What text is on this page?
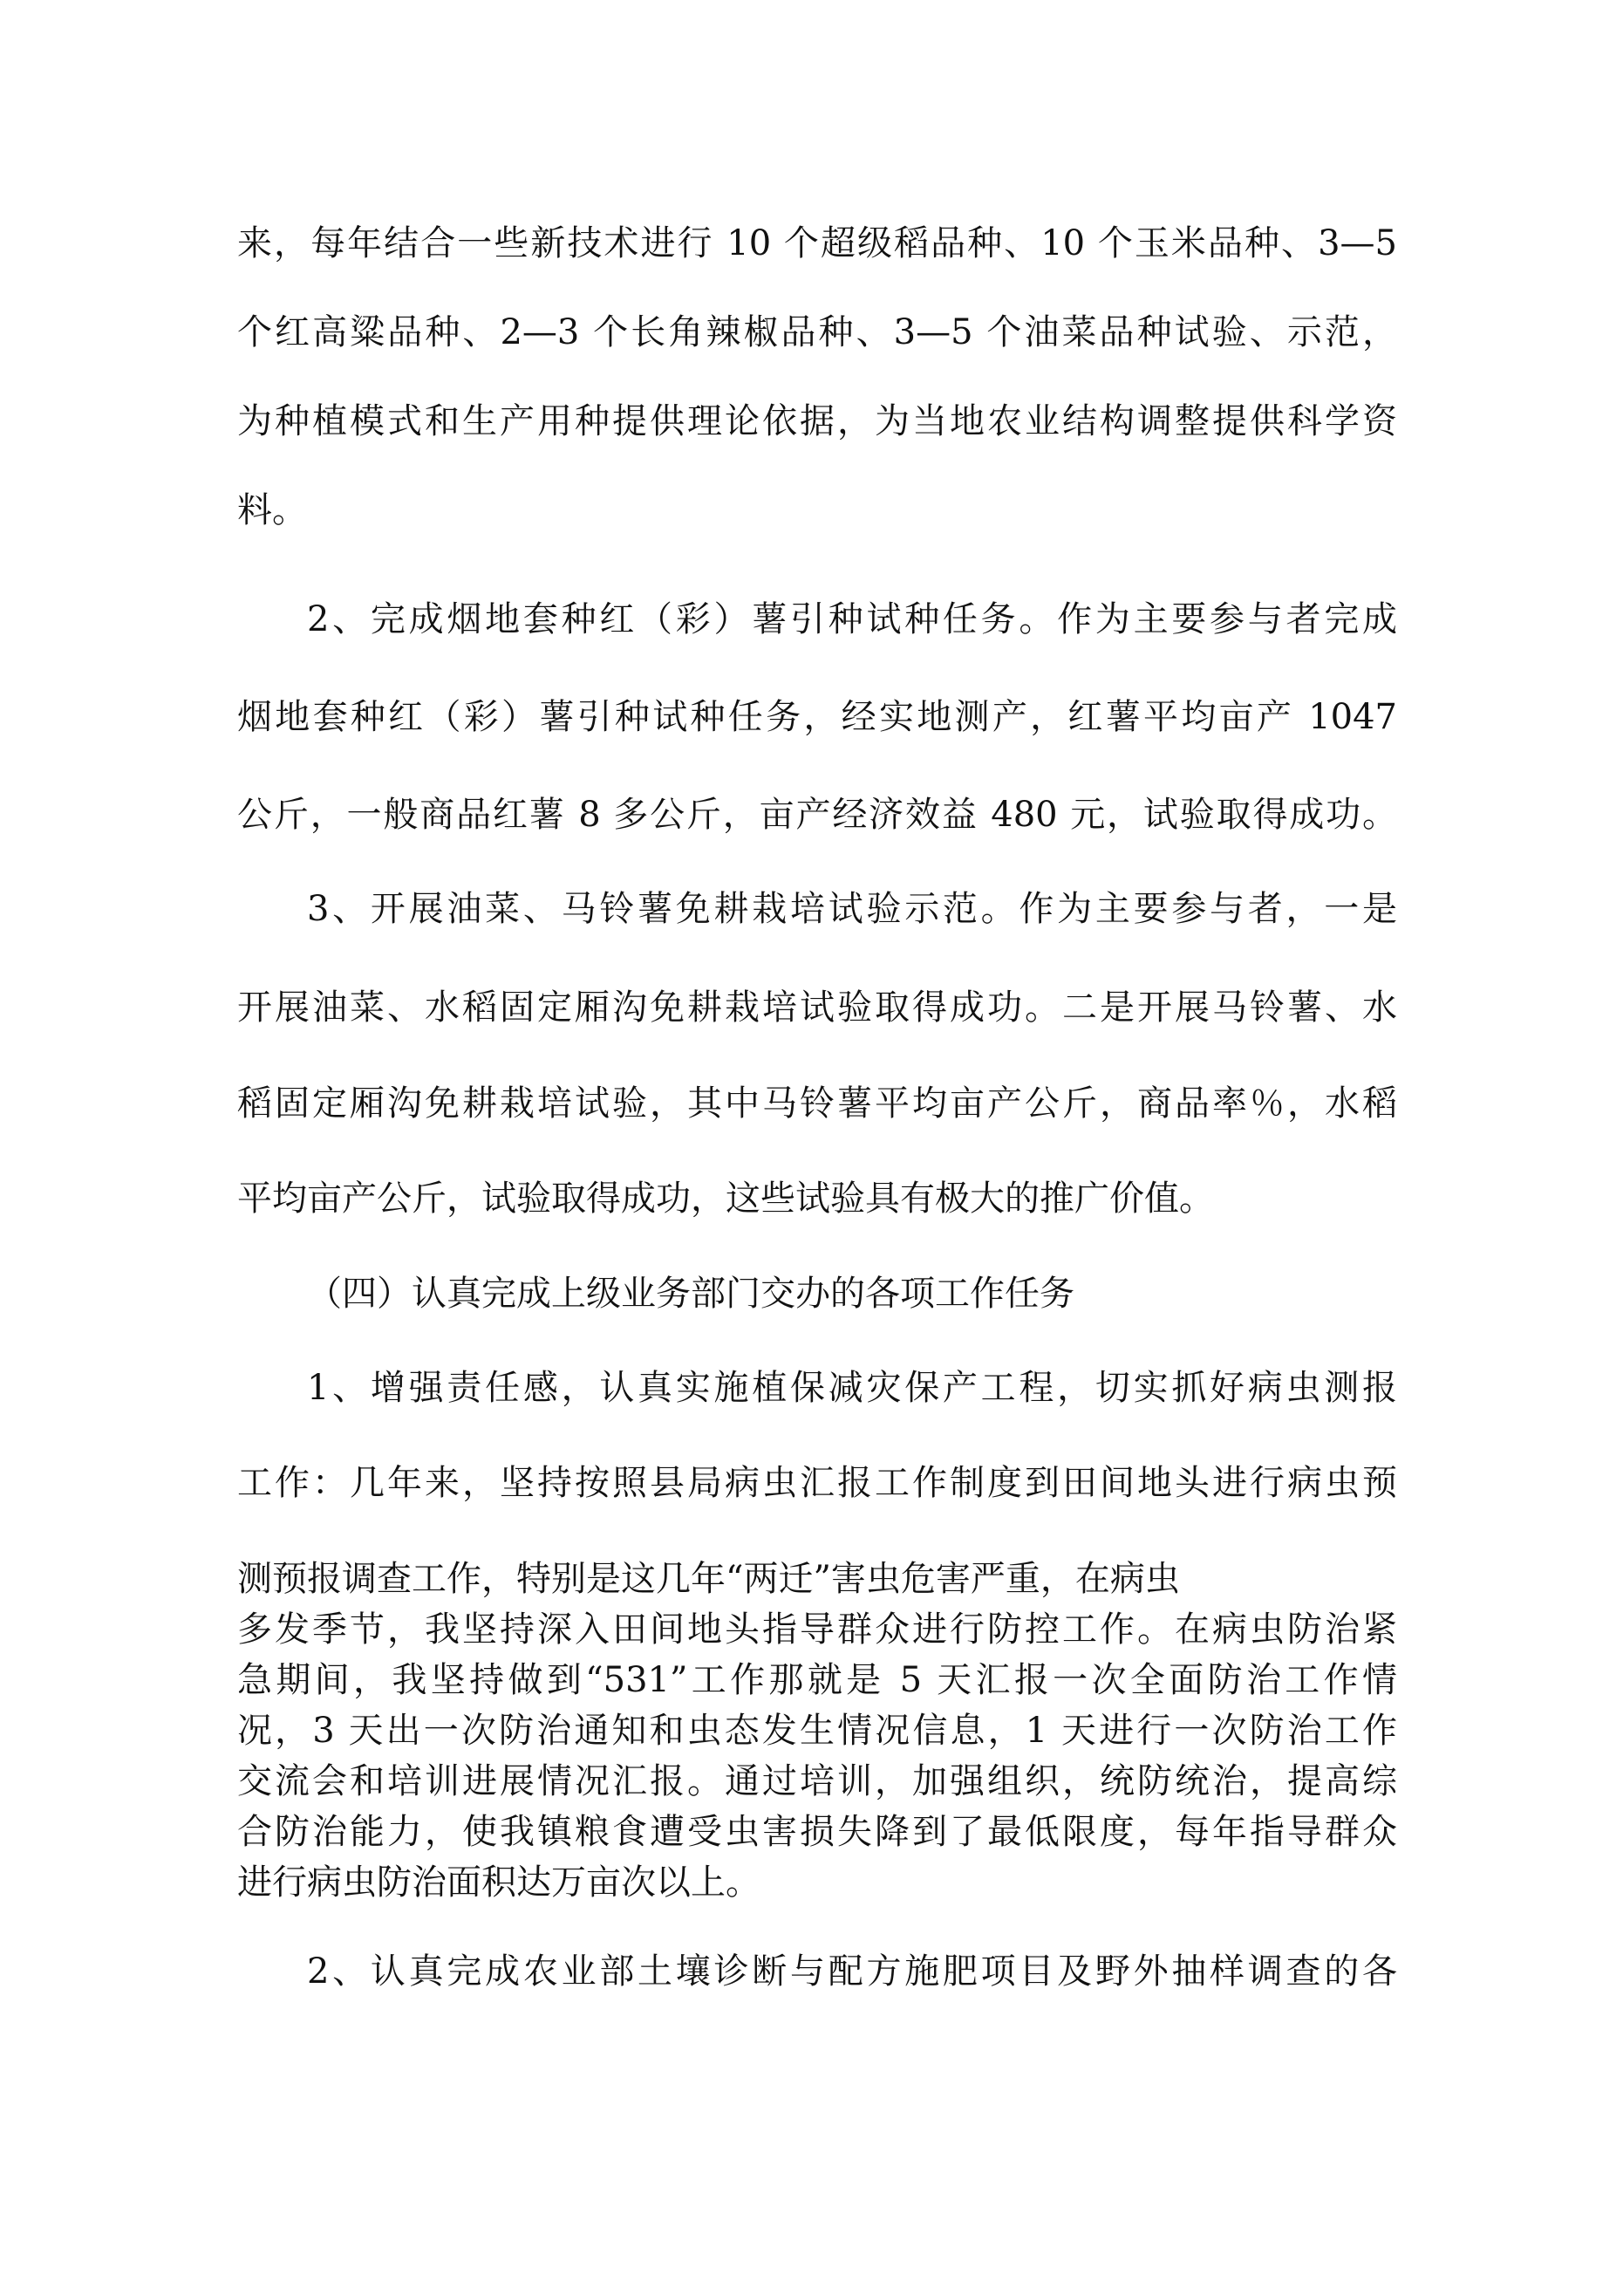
来，每年结合一些新技术进行 10 个超级稻品种、10 个玉米品种、3—5
个红高粱品种、2—3 个长角辣椒品种、3—5 个油菜品种试验、示范，
为种植模式和生产用种提供理论依据，为当地农业结构调整提供科学资
料。
2、完成烟地套种红（彩）薯引种试种任务。作为主要参与者完成
烟地套种红（彩）薯引种试种任务，经实地测产，红薯平均亩产 1047
公斤，一般商品红薯 8 多公斤，亩产经济效益 480 元，试验取得成功。
3、开展油菜、马铃薯免耕栽培试验示范。作为主要参与者，一是
开展油菜、水稻固定厢沟免耕栽培试验取得成功。二是开展马铃薯、水
稻固定厢沟免耕栽培试验，其中马铃薯平均亩产公斤，商品率％，水稻
平均亩产公斤，试验取得成功，这些试验具有极大的推广价值。
（四）认真完成上级业务部门交办的各项工作任务
1、增强责任感，认真实施植保减灾保产工程，切实抓好病虫测报
工作：几年来，坚持按照县局病虫汇报工作制度到田间地头进行病虫预
测预报调查工作，特别是这几年“两迁”害虫危害严重，在病虫
多发季节，我坚持深入田间地头指导群众进行防控工作。在病虫防治紧
急期间，我坚持做到“531”工作那就是 5 天汇报一次全面防治工作情
况，3 天出一次防治通知和虫态发生情况信息，1 天进行一次防治工作
交流会和培训进展情况汇报。通过培训，加强组织，统防统治，提高综
合防治能力，使我镇粮食遭受虫害损失降到了最低限度，每年指导群众
进行病虫防治面积达万亩次以上。
2、认真完成农业部土壤诊断与配方施肥项目及野外抽样调查的各
